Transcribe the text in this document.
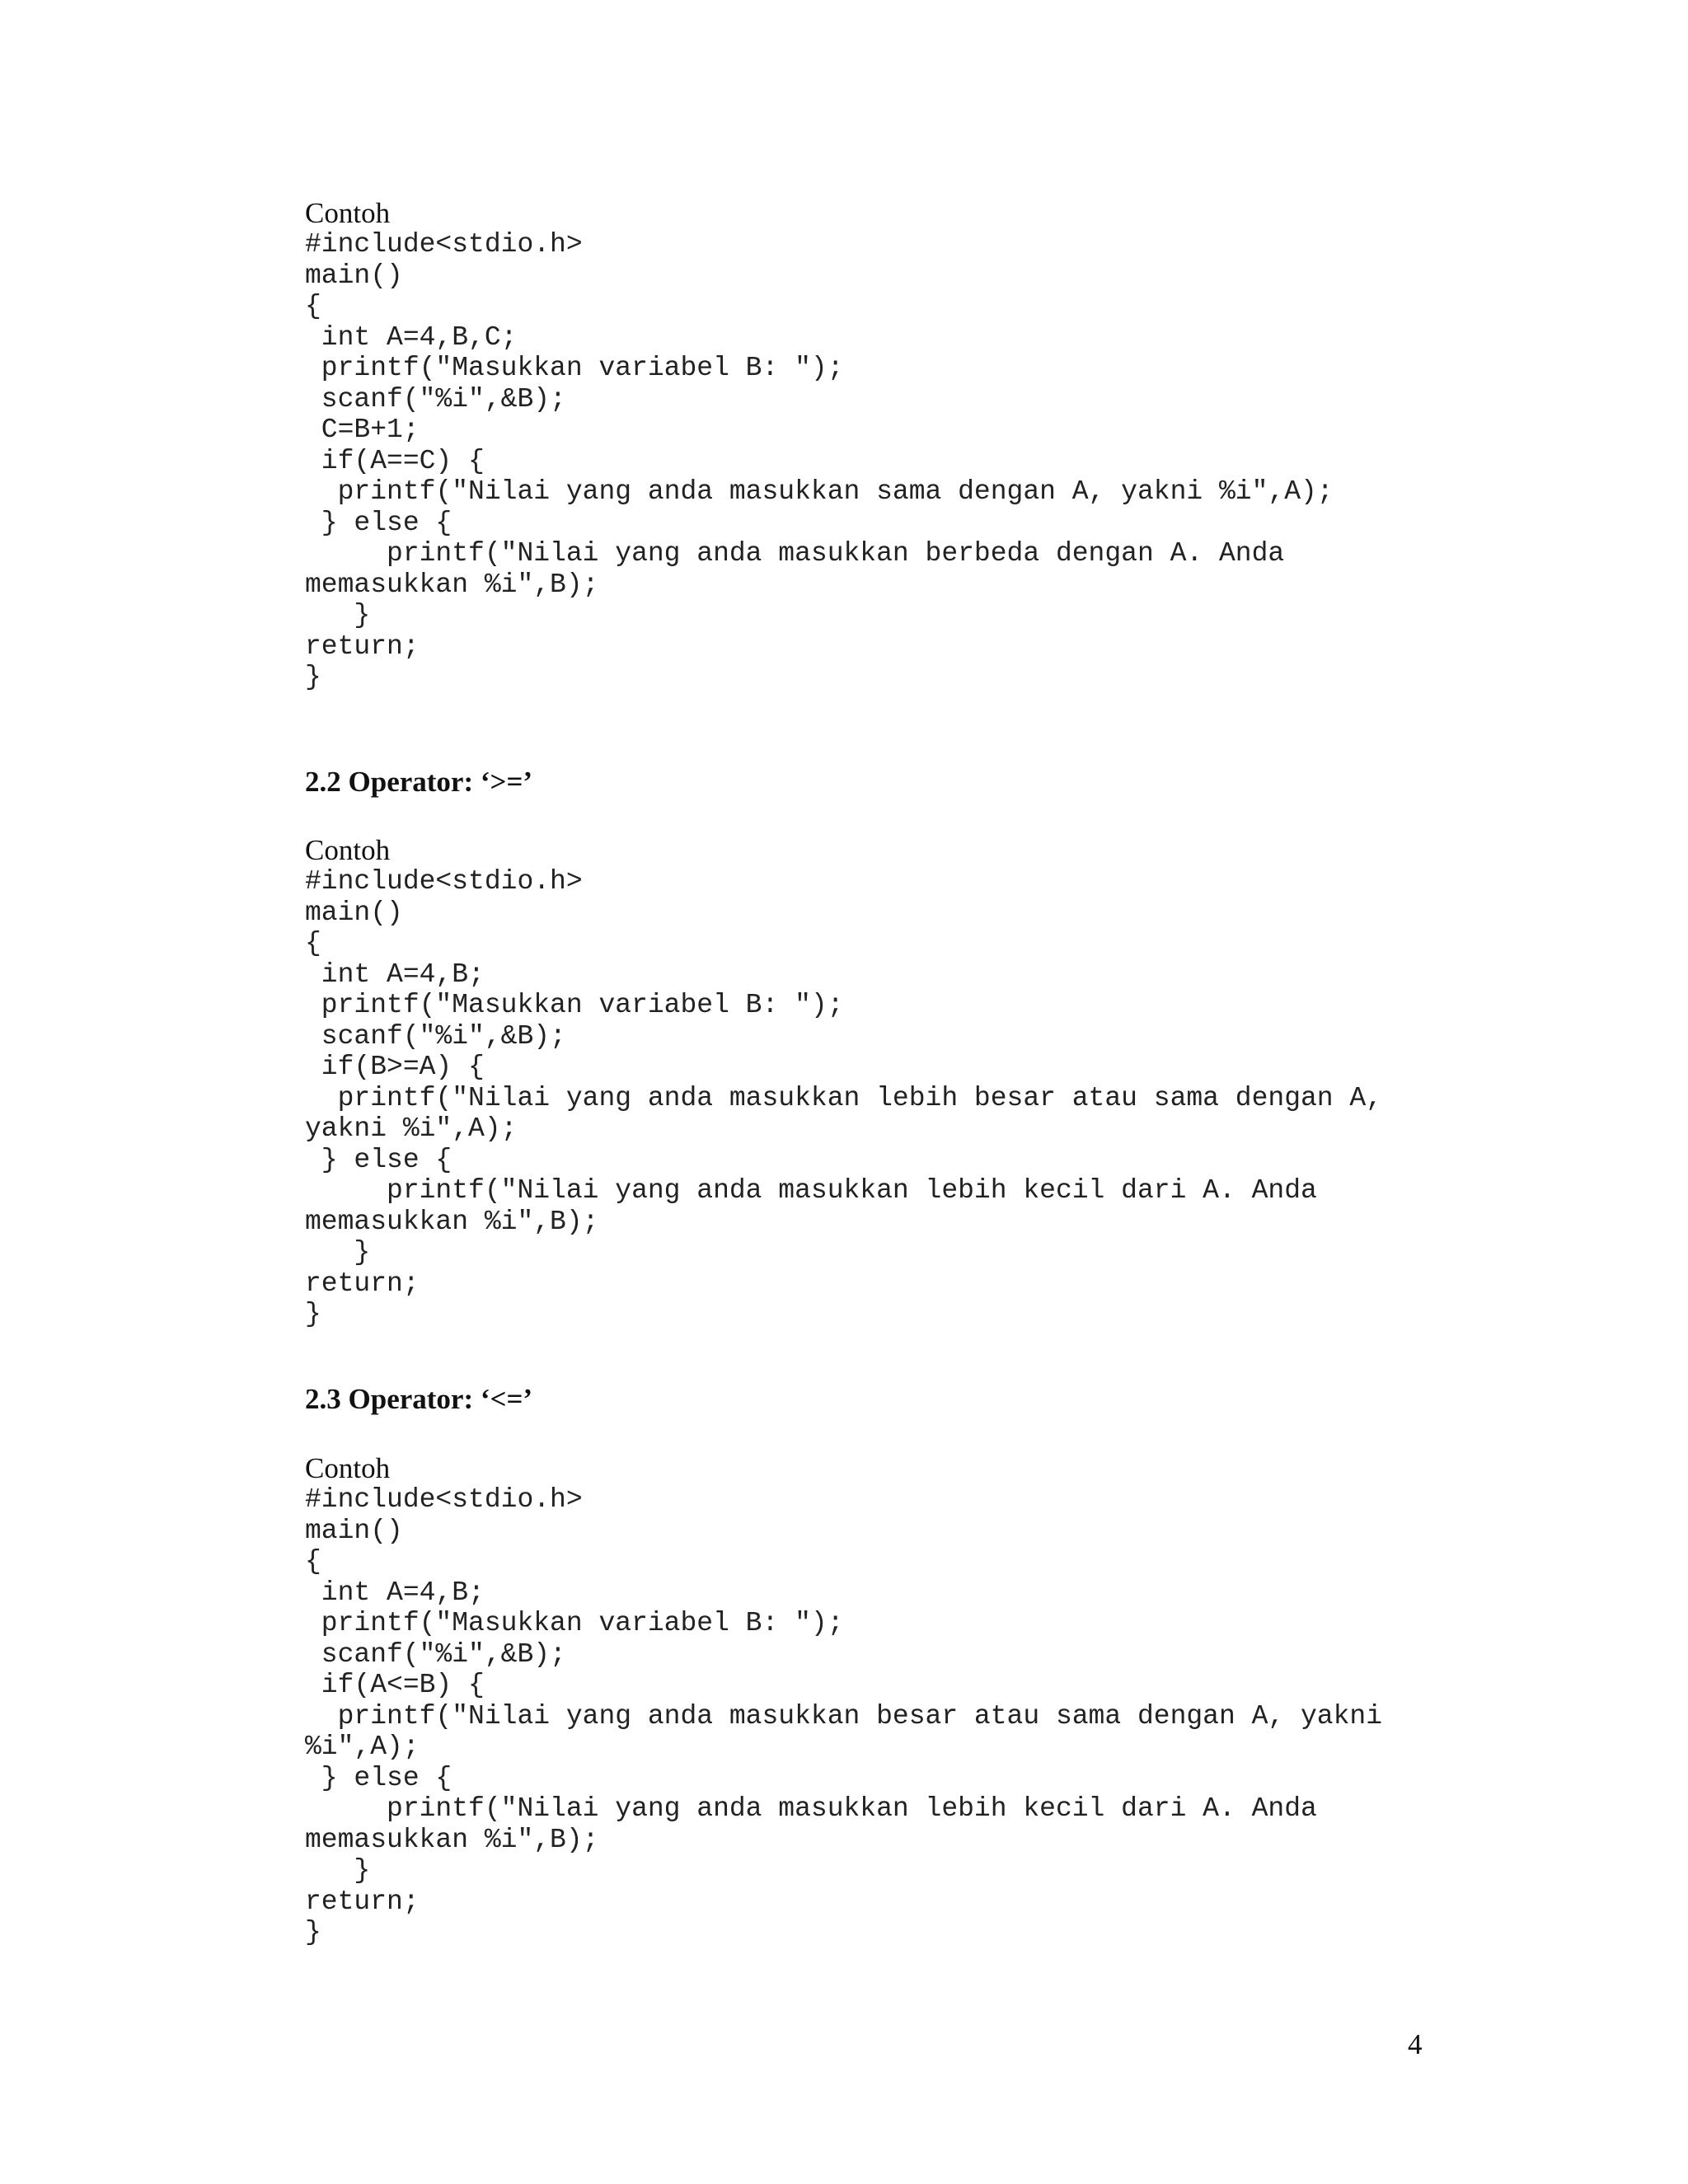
Contoh
#include<stdio.h>
main()
{
int A=4,B,C;
printf("Masukkan variabel B: ");
scanf("%i",&B);
C=B+1;
if(A==C) {
printf("Nilai yang anda masukkan sama dengan A, yakni %i",A);
} else {
printf("Nilai yang anda masukkan berbeda dengan A. Anda
memasukkan %i",B);
}
return;
}
2.2 Operator: ‘>=’
Contoh
#include<stdio.h>
main()
{
int A=4,B;
printf("Masukkan variabel B: ");
scanf("%i",&B);
if(B>=A) {
printf("Nilai yang anda masukkan lebih besar atau sama dengan A,
yakni %i",A);
} else {
printf("Nilai yang anda masukkan lebih kecil dari A. Anda
memasukkan %i",B);
}
return;
}
2.3 Operator: ‘<=’
Contoh
#include<stdio.h>
main()
{
int A=4,B;
printf("Masukkan variabel B: ");
scanf("%i",&B);
if(A<=B) {
printf("Nilai yang anda masukkan besar atau sama dengan A, yakni
%i",A);
} else {
printf("Nilai yang anda masukkan lebih kecil dari A. Anda
memasukkan %i",B);
}
return;
}
4
